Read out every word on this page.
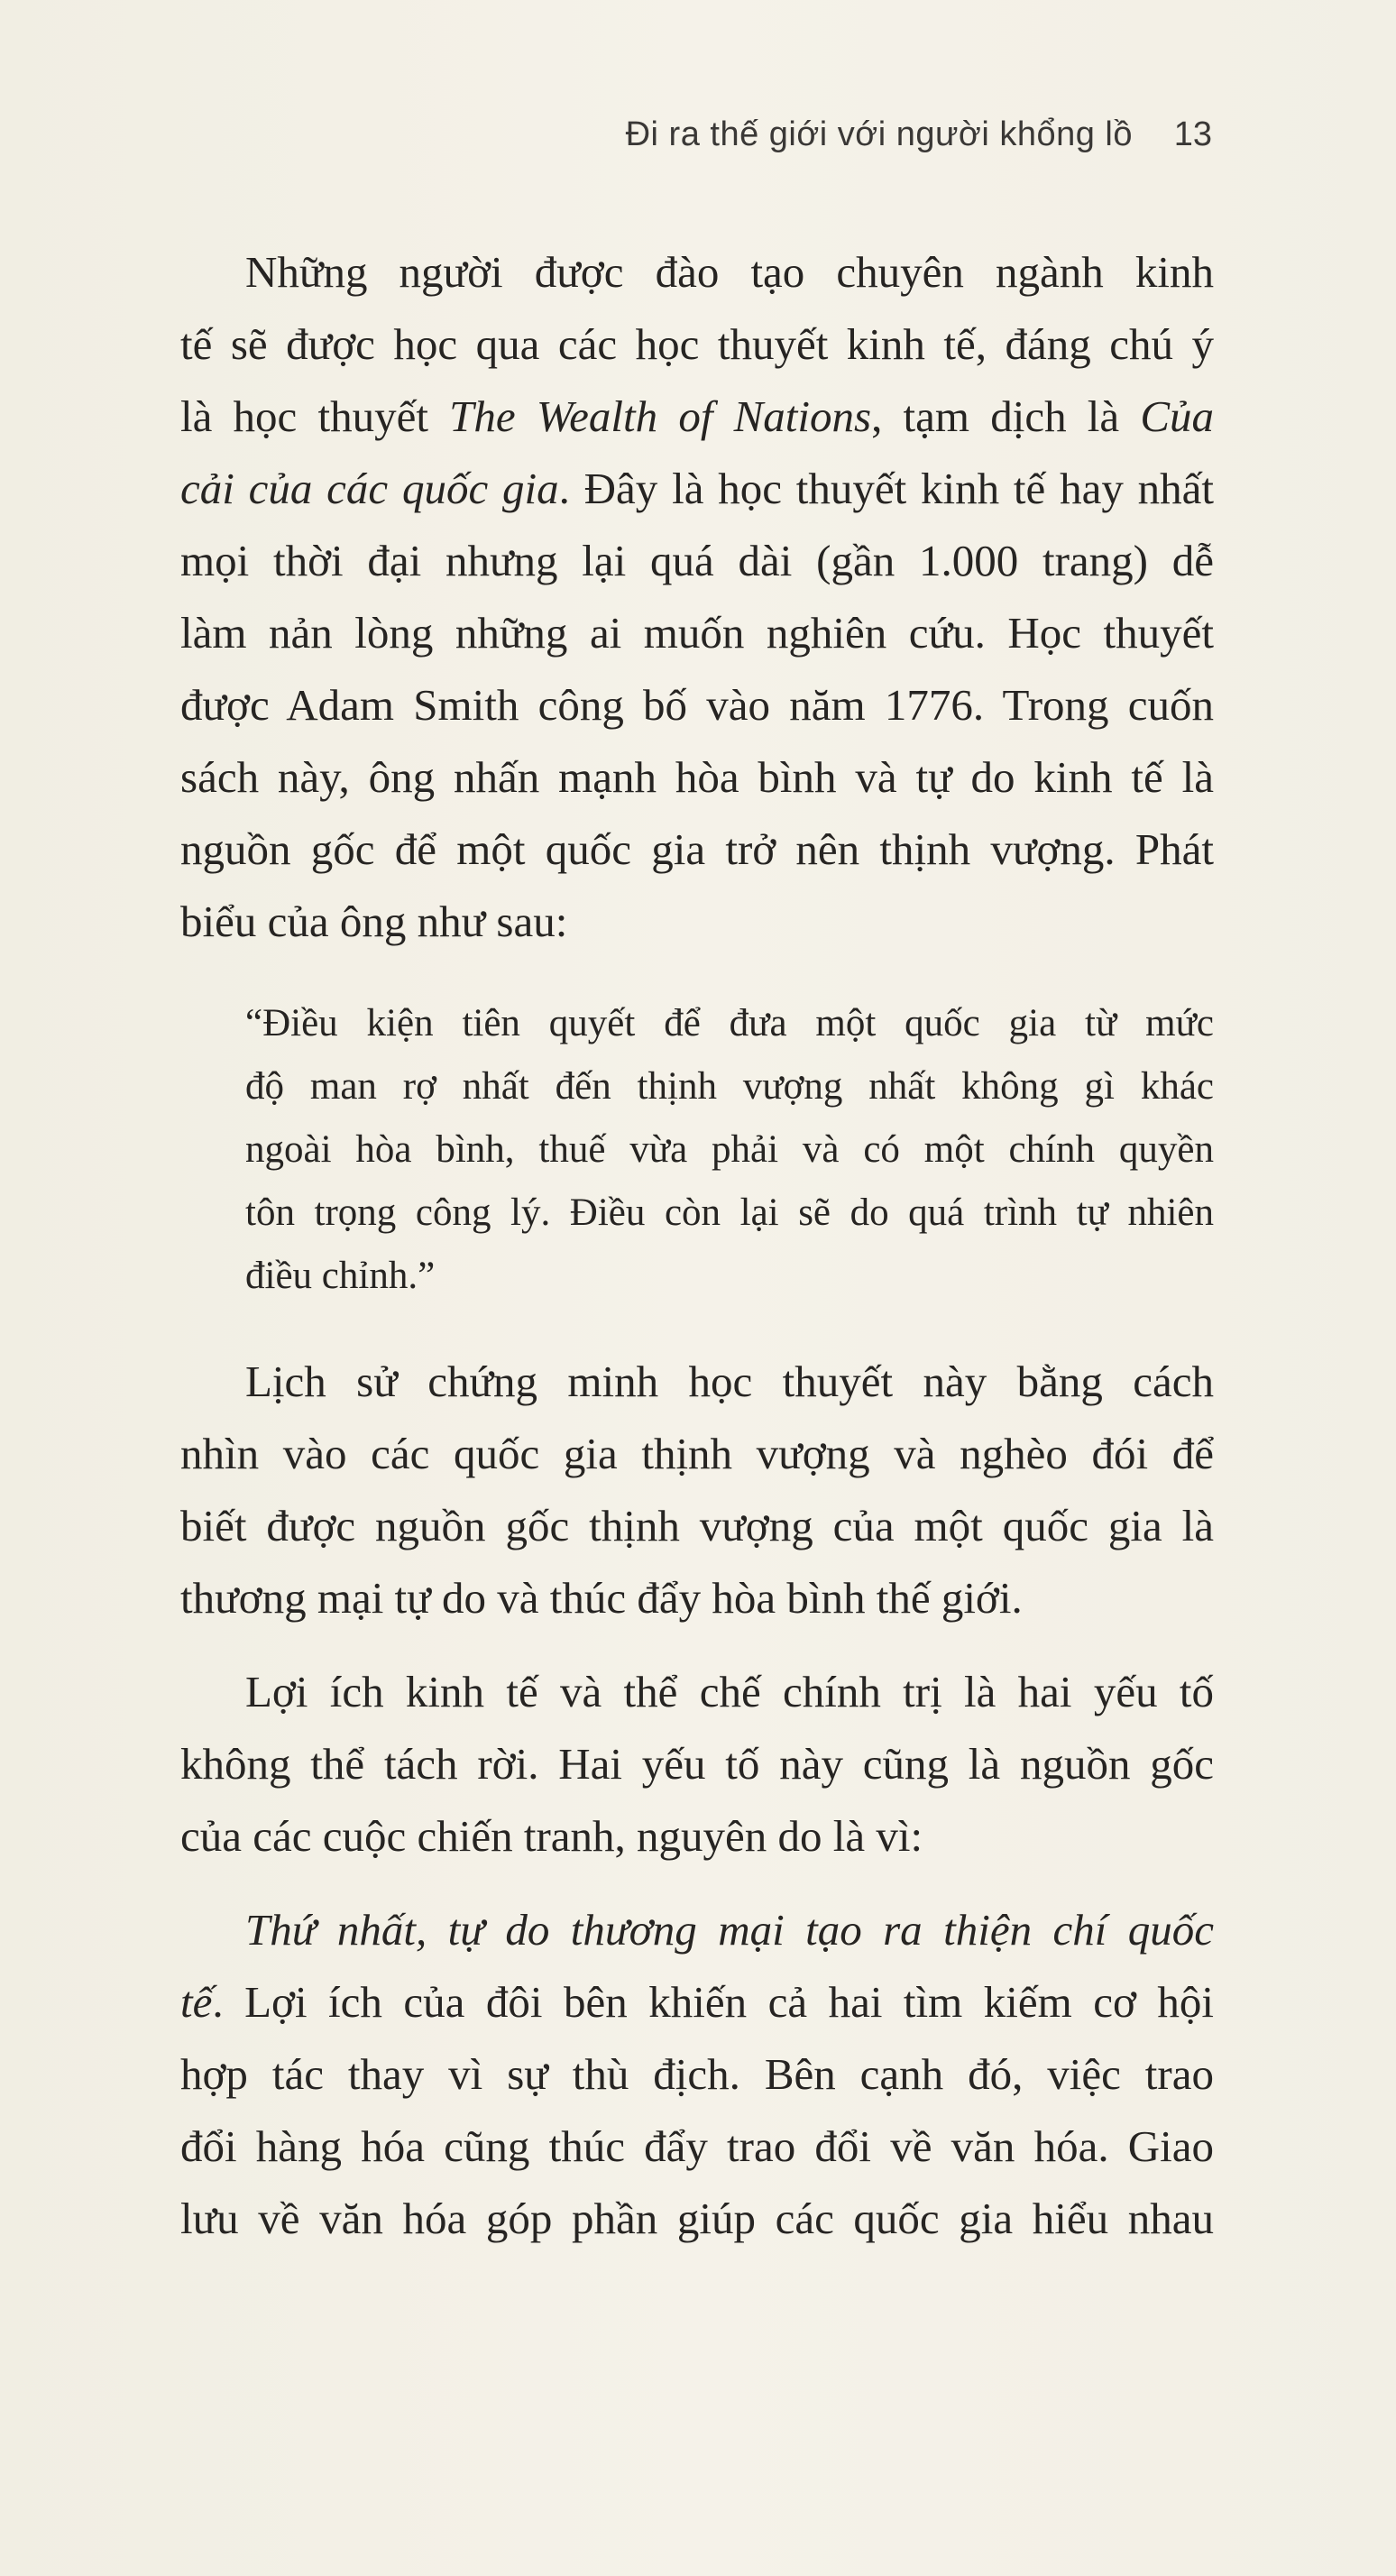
Đi ra thế giới với người khổng lồ 13
Những người được đào tạo chuyên ngành kinh
tế sẽ được học qua các học thuyết kinh tế, đáng chú ý
là học thuyết The Wealth of Nations, tạm dịch là Của
cải của các quốc gia. Đây là học thuyết kinh tế hay nhất
mọi thời đại nhưng lại quá dài (gần 1.000 trang) dễ
làm nản lòng những ai muốn nghiên cứu. Học thuyết
được Adam Smith công bố vào năm 1776. Trong cuốn
sách này, ông nhấn mạnh hòa bình và tự do kinh tế là
nguồn gốc để một quốc gia trở nên thịnh vượng. Phát
biểu của ông như sau:
“Điều kiện tiên quyết để đưa một quốc gia từ mức
độ man rợ nhất đến thịnh vượng nhất không gì khác
ngoài hòa bình, thuế vừa phải và có một chính quyền
tôn trọng công lý. Điều còn lại sẽ do quá trình tự nhiên
điều chỉnh.”
Lịch sử chứng minh học thuyết này bằng cách
nhìn vào các quốc gia thịnh vượng và nghèo đói để
biết được nguồn gốc thịnh vượng của một quốc gia là
thương mại tự do và thúc đẩy hòa bình thế giới.
Lợi ích kinh tế và thể chế chính trị là hai yếu tố
không thể tách rời. Hai yếu tố này cũng là nguồn gốc
của các cuộc chiến tranh, nguyên do là vì:
Thứ nhất, tự do thương mại tạo ra thiện chí quốc
tế. Lợi ích của đôi bên khiến cả hai tìm kiếm cơ hội
hợp tác thay vì sự thù địch. Bên cạnh đó, việc trao
đổi hàng hóa cũng thúc đẩy trao đổi về văn hóa. Giao
lưu về văn hóa góp phần giúp các quốc gia hiểu nhau
